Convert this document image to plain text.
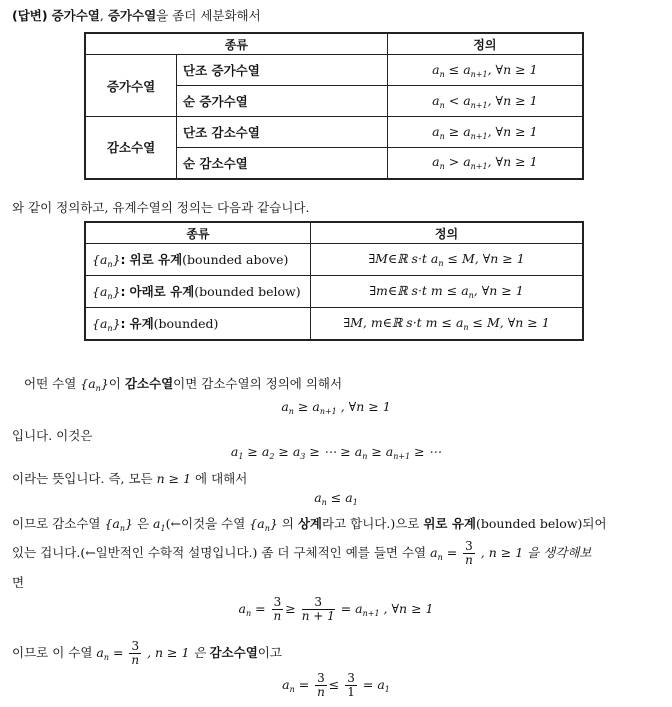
(답변) 증가수열, 증가수열을 좀더 세분화해서
종류		정의
증가수열	단조 증가수열	$a_n \le a_{n+1}$, ∀n ≥ 1
	순 증가수열	$a_n < a_{n+1}$, ∀n ≥ 1
감소수열	단조 감소수열	$a_n \ge a_{n+1}$, ∀n ≥ 1
	순 감소수열	$a_n > a_{n+1}$, ∀n ≥ 1
와 같이 정의하고, 유계수열의 정의는 다음과 같습니다.
종류	정의
$\{a_n\}$: 위로 유계(bounded above)	∃M∈ℝ s·t $a_n \le M$, ∀n ≥ 1
$\{a_n\}$: 아래로 유계(bounded below)	∃m∈ℝ s·t $m \le a_n$, ∀n ≥ 1
$\{a_n\}$: 유계(bounded)	∃M, m∈ℝ s·t $m \le a_n \le M$, ∀n ≥ 1
어떤 수열 $\{a_n\}$이 감소수열이면 감소수열의 정의에 의해서
$a_n \ge a_{n+1}$ , ∀n ≥ 1
입니다. 이것은
$a_1 \ge a_2 \ge a_3$ ≥ ⋯ ≥ $a_n \ge a_{n+1}$ ≥ ⋯
이라는 뜻입니다. 즉, 모든 n ≥ 1 에 대해서
$a_n \le a_1$
이므로 감소수열 $\{a_n\}$ 은 $a_1(\leftarrow$이것을 수열 $\{a_n\}$ 의 상계라고 합니다.)으로 위로 유계(bounded below)되어
있는 겁니다.(←일반적인 수학적 설명입니다.) 좀 더 구체적인 예를 들면 수열 $a_n = \frac{3}{n}$ , n ≥ 1 을 생각해보
면
$a_n = \frac{3}{n} \ge \frac{3}{n + 1} = a_{n+1}$ , ∀n ≥ 1
이므로 이 수열 $a_n = \frac{3}{n}$ , n ≥ 1 은 감소수열이고
$a_n = \frac{3}{n} \le \frac{3}{1} = a_1$
